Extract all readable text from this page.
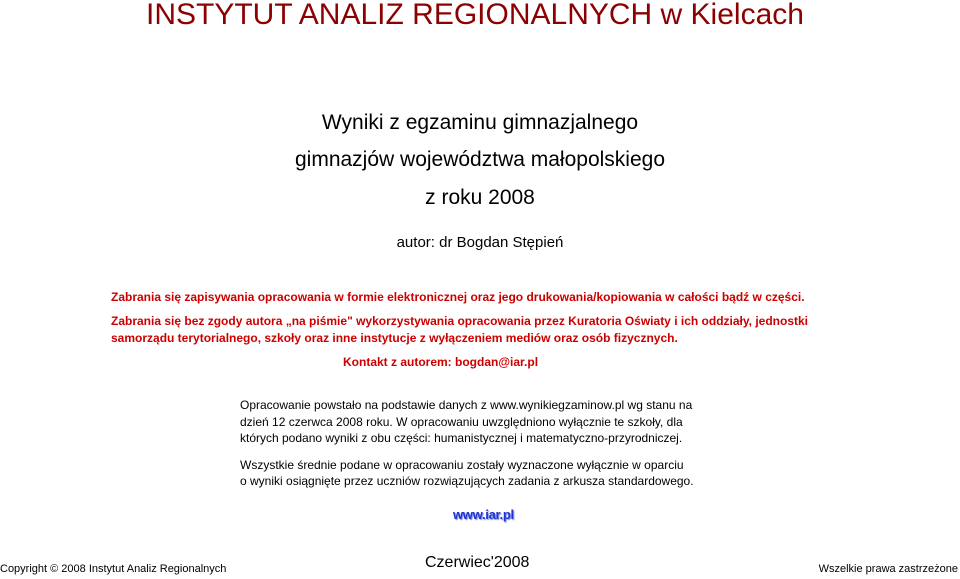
INSTYTUT ANALIZ REGIONALNYCH w Kielcach
Wyniki z egzaminu gimnazjalnego
gimnazjów województwa małopolskiego
z roku 2008
autor: dr Bogdan Stępień
Zabrania się zapisywania opracowania w formie elektronicznej oraz jego drukowania/kopiowania w całości bądź w części.
Zabrania się bez zgody autora „na piśmie" wykorzystywania opracowania przez Kuratoria Oświaty i ich oddziały, jednostki
samorządu terytorialnego, szkoły oraz inne instytucje z wyłączeniem mediów oraz osób fizycznych.
Kontakt z autorem: bogdan@iar.pl
Opracowanie powstało na podstawie danych z www.wynikiegzaminow.pl wg stanu na
dzień 12 czerwca 2008 roku. W opracowaniu uwzględniono wyłącznie te szkoły, dla
których podano wyniki z obu części: humanistycznej i matematyczno-przyrodniczej.
Wszystkie średnie podane w opracowaniu zostały wyznaczone wyłącznie w oparciu
o wyniki osiągnięte przez uczniów rozwiązujących zadania z arkusza standardowego.
www.iar.pl
Copyright © 2008 Instytut Analiz Regionalnych	Czerwiec'2008	Wszelkie prawa zastrzeżone
